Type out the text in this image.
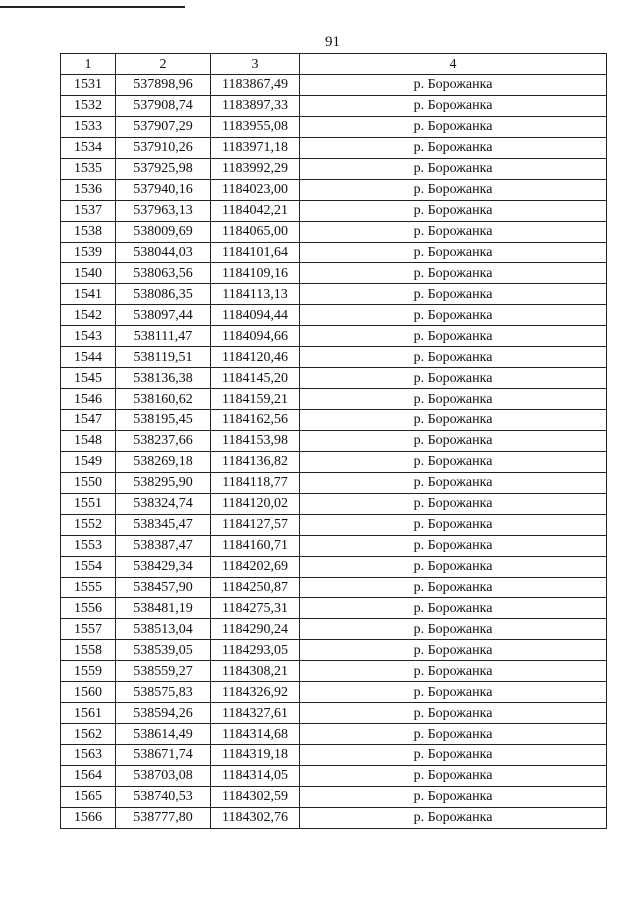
91
1	2	3	4
1531	537898,96	1183867,49	р. Борожанка
1532	537908,74	1183897,33	р. Борожанка
1533	537907,29	1183955,08	р. Борожанка
1534	537910,26	1183971,18	р. Борожанка
1535	537925,98	1183992,29	р. Борожанка
1536	537940,16	1184023,00	р. Борожанка
1537	537963,13	1184042,21	р. Борожанка
1538	538009,69	1184065,00	р. Борожанка
1539	538044,03	1184101,64	р. Борожанка
1540	538063,56	1184109,16	р. Борожанка
1541	538086,35	1184113,13	р. Борожанка
1542	538097,44	1184094,44	р. Борожанка
1543	538111,47	1184094,66	р. Борожанка
1544	538119,51	1184120,46	р. Борожанка
1545	538136,38	1184145,20	р. Борожанка
1546	538160,62	1184159,21	р. Борожанка
1547	538195,45	1184162,56	р. Борожанка
1548	538237,66	1184153,98	р. Борожанка
1549	538269,18	1184136,82	р. Борожанка
1550	538295,90	1184118,77	р. Борожанка
1551	538324,74	1184120,02	р. Борожанка
1552	538345,47	1184127,57	р. Борожанка
1553	538387,47	1184160,71	р. Борожанка
1554	538429,34	1184202,69	р. Борожанка
1555	538457,90	1184250,87	р. Борожанка
1556	538481,19	1184275,31	р. Борожанка
1557	538513,04	1184290,24	р. Борожанка
1558	538539,05	1184293,05	р. Борожанка
1559	538559,27	1184308,21	р. Борожанка
1560	538575,83	1184326,92	р. Борожанка
1561	538594,26	1184327,61	р. Борожанка
1562	538614,49	1184314,68	р. Борожанка
1563	538671,74	1184319,18	р. Борожанка
1564	538703,08	1184314,05	р. Борожанка
1565	538740,53	1184302,59	р. Борожанка
1566	538777,80	1184302,76	р. Борожанка
